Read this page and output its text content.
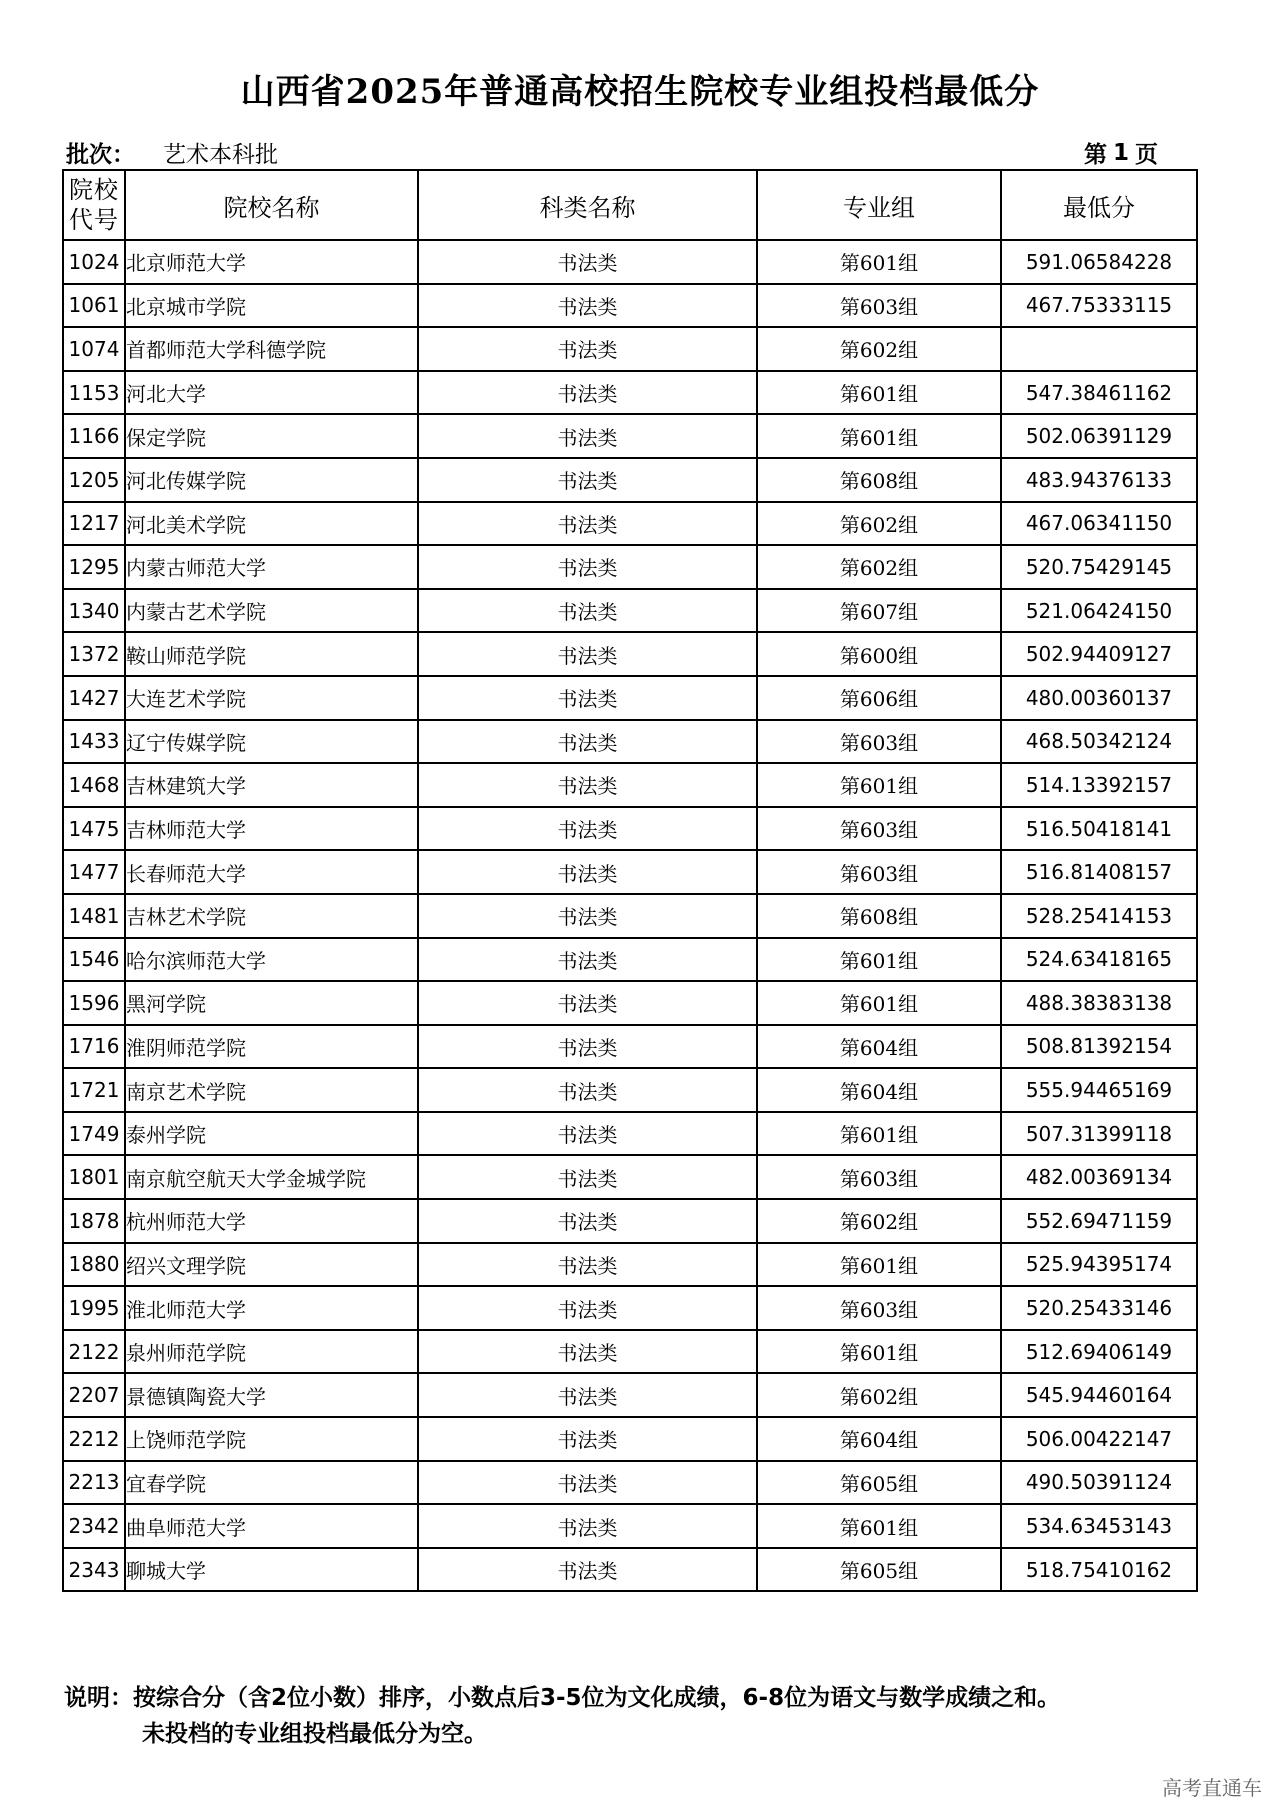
山西省2025年普通高校招生院校专业组投档最低分
批次： 艺术本科批	第 1 页
院校
代号	院校名称	科类名称	专业组	最低分
1024	北京师范大学	书法类	第601组	591.06584228
1061	北京城市学院	书法类	第603组	467.75333115
1074	首都师范大学科德学院	书法类	第602组	
1153	河北大学	书法类	第601组	547.38461162
1166	保定学院	书法类	第601组	502.06391129
1205	河北传媒学院	书法类	第608组	483.94376133
1217	河北美术学院	书法类	第602组	467.06341150
1295	内蒙古师范大学	书法类	第602组	520.75429145
1340	内蒙古艺术学院	书法类	第607组	521.06424150
1372	鞍山师范学院	书法类	第600组	502.94409127
1427	大连艺术学院	书法类	第606组	480.00360137
1433	辽宁传媒学院	书法类	第603组	468.50342124
1468	吉林建筑大学	书法类	第601组	514.13392157
1475	吉林师范大学	书法类	第603组	516.50418141
1477	长春师范大学	书法类	第603组	516.81408157
1481	吉林艺术学院	书法类	第608组	528.25414153
1546	哈尔滨师范大学	书法类	第601组	524.63418165
1596	黑河学院	书法类	第601组	488.38383138
1716	淮阴师范学院	书法类	第604组	508.81392154
1721	南京艺术学院	书法类	第604组	555.94465169
1749	泰州学院	书法类	第601组	507.31399118
1801	南京航空航天大学金城学院	书法类	第603组	482.00369134
1878	杭州师范大学	书法类	第602组	552.69471159
1880	绍兴文理学院	书法类	第601组	525.94395174
1995	淮北师范大学	书法类	第603组	520.25433146
2122	泉州师范学院	书法类	第601组	512.69406149
2207	景德镇陶瓷大学	书法类	第602组	545.94460164
2212	上饶师范学院	书法类	第604组	506.00422147
2213	宜春学院	书法类	第605组	490.50391124
2342	曲阜师范大学	书法类	第601组	534.63453143
2343	聊城大学	书法类	第605组	518.75410162
说明：按综合分（含2位小数）排序，小数点后3-5位为文化成绩，6-8位为语文与数学成绩之和。
未投档的专业组投档最低分为空。
高考直通车
